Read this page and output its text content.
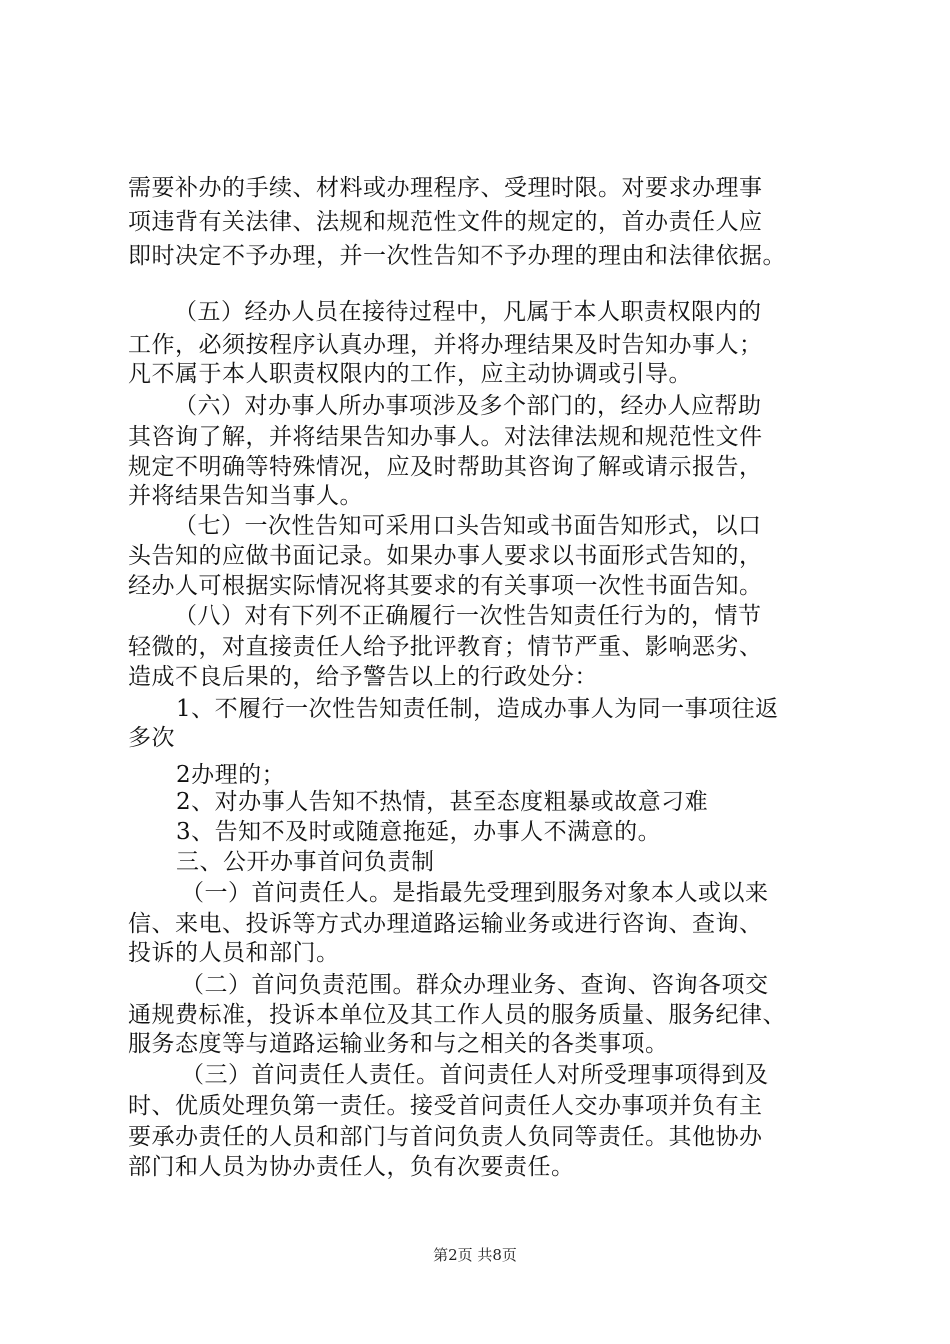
需要补办的手续、材料或办理程序、受理时限。对要求办理事
项违背有关法律、法规和规范性文件的规定的，首办责任人应
即时决定不予办理，并一次性告知不予办理的理由和法律依据。
（五）经办人员在接待过程中，凡属于本人职责权限内的
工作，必须按程序认真办理，并将办理结果及时告知办事人；
凡不属于本人职责权限内的工作，应主动协调或引导。
（六）对办事人所办事项涉及多个部门的，经办人应帮助
其咨询了解，并将结果告知办事人。对法律法规和规范性文件
规定不明确等特殊情况，应及时帮助其咨询了解或请示报告，
并将结果告知当事人。
（七）一次性告知可采用口头告知或书面告知形式，以口
头告知的应做书面记录。如果办事人要求以书面形式告知的，
经办人可根据实际情况将其要求的有关事项一次性书面告知。
（八）对有下列不正确履行一次性告知责任行为的，情节
轻微的，对直接责任人给予批评教育；情节严重、影响恶劣、
造成不良后果的，给予警告以上的行政处分：
1、不履行一次性告知责任制，造成办事人为同一事项往返
多次
2办理的；
2、对办事人告知不热情，甚至态度粗暴或故意刁难
3、告知不及时或随意拖延，办事人不满意的。
三、公开办事首问负责制
（一）首问责任人。是指最先受理到服务对象本人或以来
信、来电、投诉等方式办理道路运输业务或进行咨询、查询、
投诉的人员和部门。
（二）首问负责范围。群众办理业务、查询、咨询各项交
通规费标准，投诉本单位及其工作人员的服务质量、服务纪律、
服务态度等与道路运输业务和与之相关的各类事项。
（三）首问责任人责任。首问责任人对所受理事项得到及
时、优质处理负第一责任。接受首问责任人交办事项并负有主
要承办责任的人员和部门与首问负责人负同等责任。其他协办
部门和人员为协办责任人，负有次要责任。
第2页 共8页
